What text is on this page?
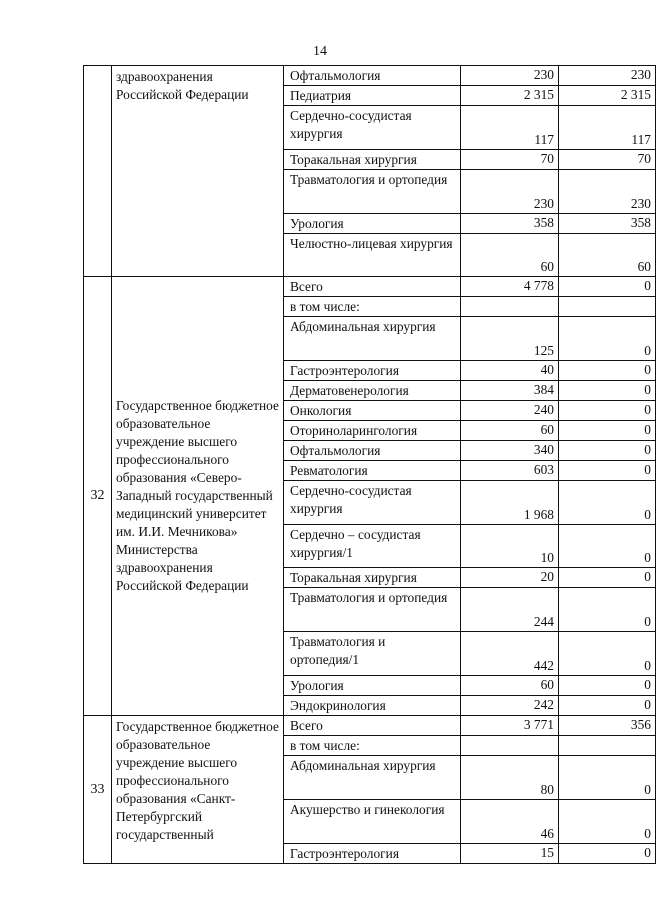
14
	здравоохранения Российской Федерации	Офтальмология	230	230
		Педиатрия	2 315	2 315
		Сердечно-сосудистая хирургия	117	117
		Торакальная хирургия	70	70
		Травматология и ортопедия	230	230
		Урология	358	358
		Челюстно-лицевая хирургия	60	60
32	Государственное бюджетное образовательное учреждение высшего профессионального образования «Северо-Западный государственный медицинский университет им. И.И. Мечникова» Министерства здравоохранения Российской Федерации	Всего	4 778	0
		в том числе:		
		Абдоминальная хирургия	125	0
		Гастроэнтерология	40	0
		Дерматовенерология	384	0
		Онкология	240	0
		Оториноларингология	60	0
		Офтальмология	340	0
		Ревматология	603	0
		Сердечно-сосудистая хирургия	1 968	0
		Сердечно – сосудистая хирургия/1	10	0
		Торакальная хирургия	20	0
		Травматология и ортопедия	244	0
		Травматология и ортопедия/1	442	0
		Урология	60	0
		Эндокринология	242	0
33	Государственное бюджетное образовательное учреждение высшего профессионального образования «Санкт-Петербургский государственный	Всего	3 771	356
		в том числе:		
		Абдоминальная хирургия	80	0
		Акушерство и гинекология	46	0
		Гастроэнтерология	15	0
